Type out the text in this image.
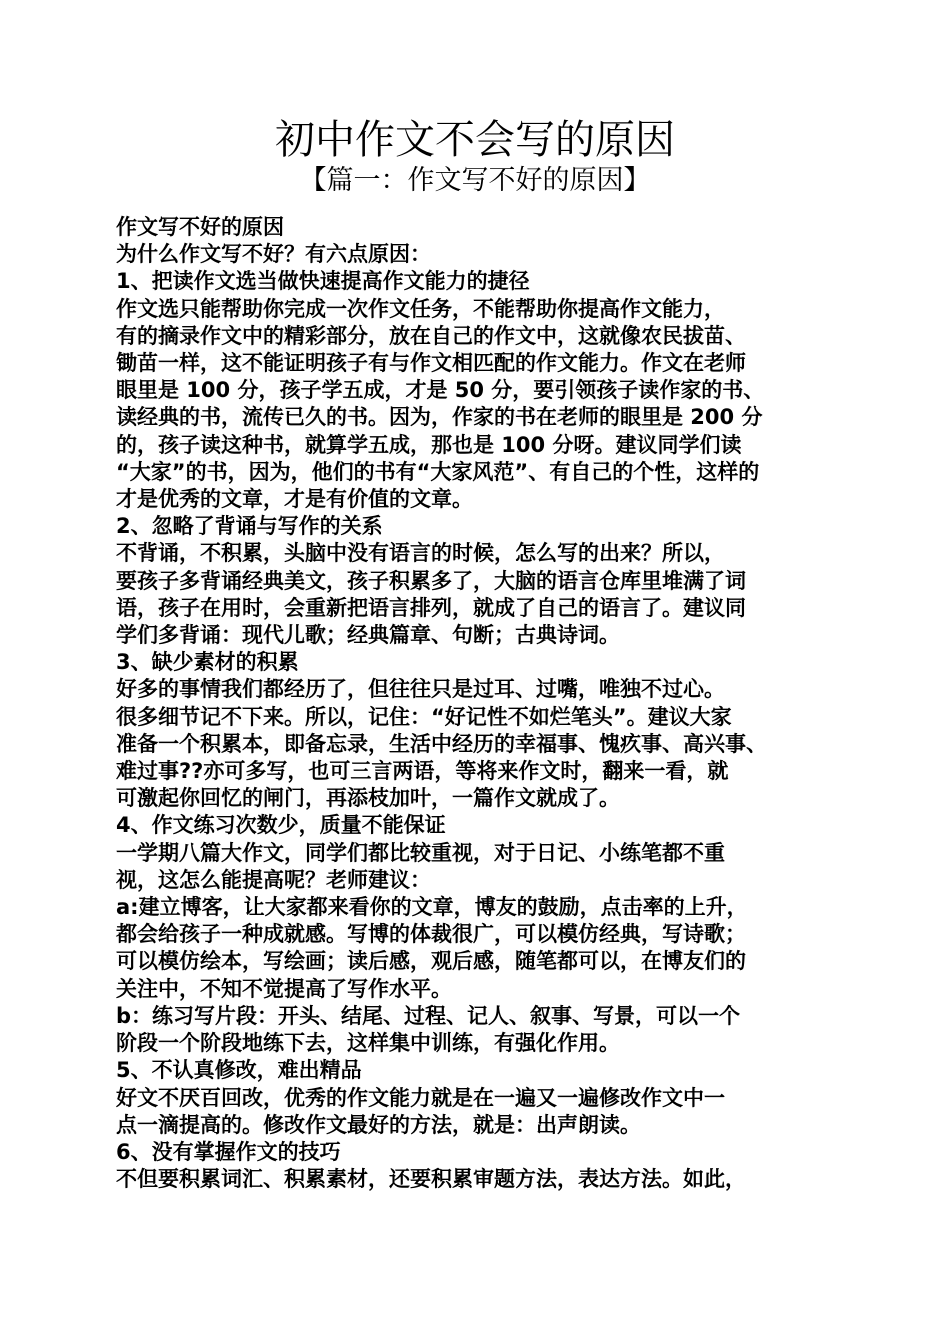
初中作文不会写的原因
【篇一：作文写不好的原因】
作文写不好的原因
为什么作文写不好？有六点原因：
1、把读作文选当做快速提高作文能力的捷径
作文选只能帮助你完成一次作文任务，不能帮助你提高作文能力，
有的摘录作文中的精彩部分，放在自己的作文中，这就像农民拔苗、
锄苗一样，这不能证明孩子有与作文相匹配的作文能力。作文在老师
眼里是 100 分，孩子学五成，才是 50 分，要引领孩子读作家的书、
读经典的书，流传已久的书。因为，作家的书在老师的眼里是 200 分
的，孩子读这种书，就算学五成，那也是 100 分呀。建议同学们读
“大家”的书，因为，他们的书有“大家风范”、有自己的个性，这样的
才是优秀的文章，才是有价值的文章。
2、忽略了背诵与写作的关系
不背诵，不积累，头脑中没有语言的时候，怎么写的出来？所以，
要孩子多背诵经典美文，孩子积累多了，大脑的语言仓库里堆满了词
语，孩子在用时，会重新把语言排列，就成了自己的语言了。建议同
学们多背诵：现代儿歌；经典篇章、句断；古典诗词。
3、缺少素材的积累
好多的事情我们都经历了，但往往只是过耳、过嘴，唯独不过心。
很多细节记不下来。所以，记住：“好记性不如烂笔头”。建议大家
准备一个积累本，即备忘录，生活中经历的幸福事、愧疚事、高兴事、
难过事??亦可多写，也可三言两语，等将来作文时，翻来一看，就
可激起你回忆的闸门，再添枝加叶，一篇作文就成了。
4、作文练习次数少，质量不能保证
一学期八篇大作文，同学们都比较重视，对于日记、小练笔都不重
视，这怎么能提高呢？老师建议：
a:建立博客，让大家都来看你的文章，博友的鼓励，点击率的上升，
都会给孩子一种成就感。写博的体裁很广，可以模仿经典，写诗歌；
可以模仿绘本，写绘画；读后感，观后感，随笔都可以，在博友们的
关注中，不知不觉提高了写作水平。
b：练习写片段：开头、结尾、过程、记人、叙事、写景，可以一个
阶段一个阶段地练下去，这样集中训练，有强化作用。
5、不认真修改，难出精品
好文不厌百回改，优秀的作文能力就是在一遍又一遍修改作文中一
点一滴提高的。修改作文最好的方法，就是：出声朗读。
6、没有掌握作文的技巧
不但要积累词汇、积累素材，还要积累审题方法，表达方法。如此，
